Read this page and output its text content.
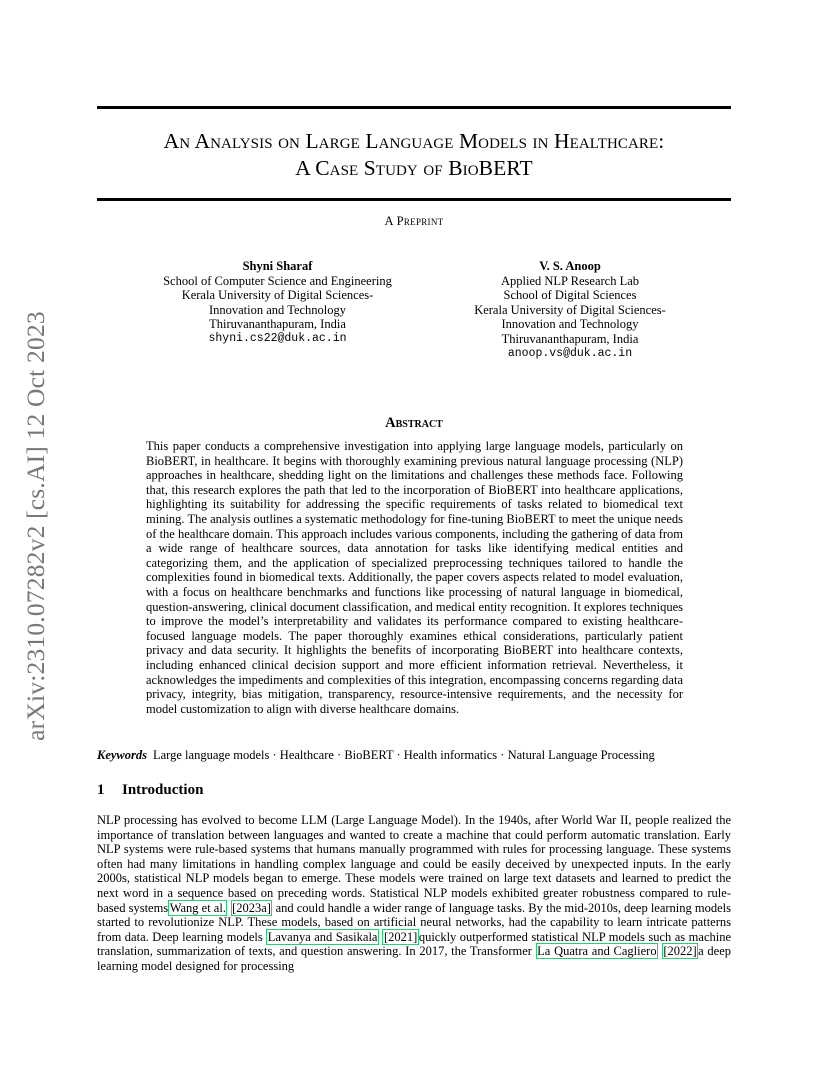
An Analysis on Large Language Models in Healthcare:
A Case Study of BioBERT
A Preprint
Shyni Sharaf
School of Computer Science and Engineering
Kerala University of Digital Sciences-
Innovation and Technology
Thiruvananthapuram, India
shyni.cs22@duk.ac.in
V. S. Anoop
Applied NLP Research Lab
School of Digital Sciences
Kerala University of Digital Sciences-
Innovation and Technology
Thiruvananthapuram, India
anoop.vs@duk.ac.in
arXiv:2310.07282v2 [cs.AI] 12 Oct 2023	Abstract

This paper conducts a comprehensive investigation into applying large language models, particularly on BioBERT, in healthcare. It begins with thoroughly examining previous natural language processing (NLP) approaches in healthcare, shedding light on the limitations and challenges these methods face. Following that, this research explores the path that led to the incorporation of BioBERT into healthcare applications, highlighting its suitability for addressing the specific requirements of tasks related to biomedical text mining. The analysis outlines a systematic methodology for fine-tuning BioBERT to meet the unique needs of the healthcare domain. This approach includes various components, including the gathering of data from a wide range of healthcare sources, data annotation for tasks like identifying medical entities and categorizing them, and the application of specialized preprocessing techniques tailored to handle the complexities found in biomedical texts. Additionally, the paper covers aspects related to model evaluation, with a focus on healthcare benchmarks and functions like processing of natural language in biomedical, question-answering, clinical document classification, and medical entity recognition. It explores techniques to improve the model’s interpretability and validates its performance compared to existing healthcare-focused language models. The paper thoroughly examines ethical considerations, particularly patient privacy and data security. It highlights the benefits of incorporating BioBERT into healthcare contexts, including enhanced clinical decision support and more efficient information retrieval. Nevertheless, it acknowledges the impediments and complexities of this integration, encompassing concerns regarding data privacy, integrity, bias mitigation, transparency, resource-intensive requirements, and the necessity for model customization to align with diverse healthcare domains.

Keywords Large language models · Healthcare · BioBERT · Health informatics · Natural Language Processing
1 Introduction

NLP processing has evolved to become LLM (Large Language Model). In the 1940s, after World War II, people realized the importance of translation between languages and wanted to create a machine that could perform automatic translation. Early NLP systems were rule-based systems that humans manually programmed with rules for processing language. These systems often had many limitations in handling complex language and could be easily deceived by unexpected inputs. In the early 2000s, statistical NLP models began to emerge. These models were trained on large text datasets and learned to predict the next word in a sequence based on preceding words. Statistical NLP models exhibited greater robustness compared to rule-based systems Wang et al. [2023a] and could handle a wider range of language tasks. By the mid-2010s, deep learning models started to revolutionize NLP. These models, based on artificial neural networks, had the capability to learn intricate patterns from data. Deep learning models Lavanya and Sasikala [2021] quickly outperformed statistical NLP models such as machine translation, summarization of texts, and question answering. In 2017, the Transformer La Quatra and Cagliero [2022] a deep learning model designed for processing
